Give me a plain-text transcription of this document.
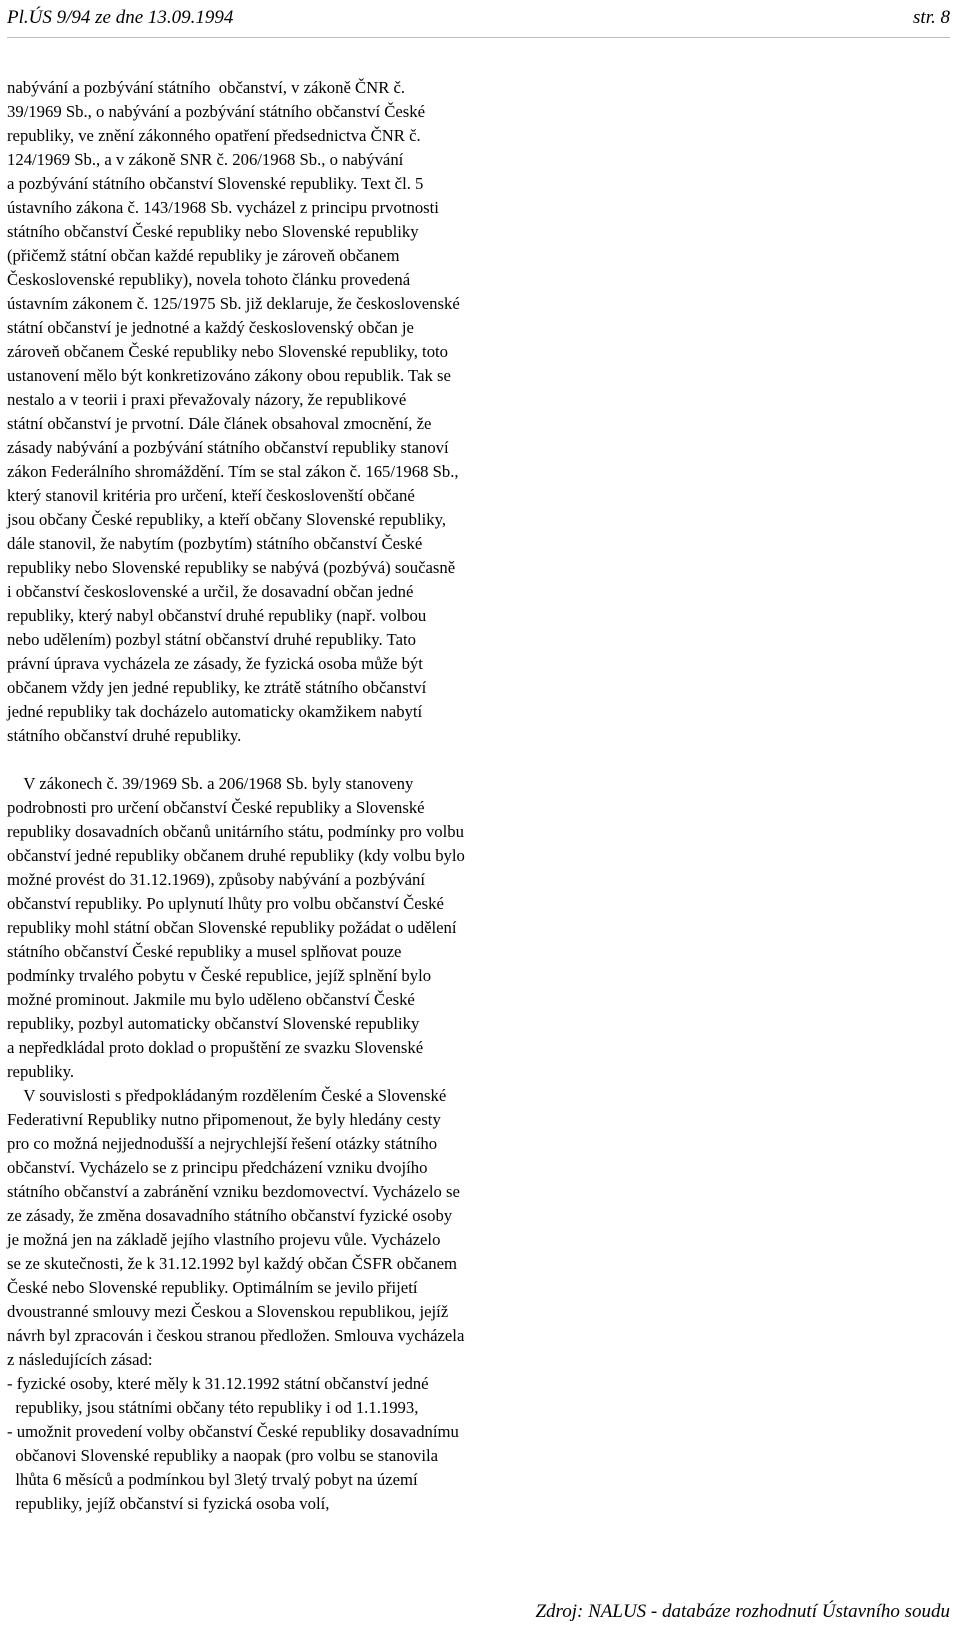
Pl.ÚS 9/94 ze dne 13.09.1994	str. 8
nabývání a pozbývání státního  občanství, v zákoně ČNR č.
39/1969 Sb., o nabývání a pozbývání státního občanství České
republiky, ve znění zákonného opatření předsednictva ČNR č.
124/1969 Sb., a v zákoně SNR č. 206/1968 Sb., o nabývání
a pozbývání státního občanství Slovenské republiky. Text čl. 5
ústavního zákona č. 143/1968 Sb. vycházel z principu prvotnosti
státního občanství České republiky nebo Slovenské republiky
(přičemž státní občan každé republiky je zároveň občanem
Československé republiky), novela tohoto článku provedená
ústavním zákonem č. 125/1975 Sb. již deklaruje, že československé
státní občanství je jednotné a každý československý občan je
zároveň občanem České republiky nebo Slovenské republiky, toto
ustanovení mělo být konkretizováno zákony obou republik. Tak se
nestalo a v teorii i praxi převažovaly názory, že republikové
státní občanství je prvotní. Dále článek obsahoval zmocnění, že
zásady nabývání a pozbývání státního občanství republiky stanoví
zákon Federálního shromáždění. Tím se stal zákon č. 165/1968 Sb.,
který stanovil kritéria pro určení, kteří českoslovenští občané
jsou občany České republiky, a kteří občany Slovenské republiky,
dále stanovil, že nabytím (pozbytím) státního občanství České
republiky nebo Slovenské republiky se nabývá (pozbývá) současně
i občanství československé a určil, že dosavadní občan jedné
republiky, který nabyl občanství druhé republiky (např. volbou
nebo udělením) pozbyl státní občanství druhé republiky. Tato
právní úprava vycházela ze zásady, že fyzická osoba může být
občanem vždy jen jedné republiky, ke ztrátě státního občanství
jedné republiky tak docházelo automaticky okamžikem nabytí
státního občanství druhé republiky.
V zákonech č. 39/1969 Sb. a 206/1968 Sb. byly stanoveny
podrobnosti pro určení občanství České republiky a Slovenské
republiky dosavadních občanů unitárního státu, podmínky pro volbu
občanství jedné republiky občanem druhé republiky (kdy volbu bylo
možné provést do 31.12.1969), způsoby nabývání a pozbývání
občanství republiky. Po uplynutí lhůty pro volbu občanství České
republiky mohl státní občan Slovenské republiky požádat o udělení
státního občanství České republiky a musel splňovat pouze
podmínky trvalého pobytu v České republice, jejíž splnění bylo
možné prominout. Jakmile mu bylo uděleno občanství České
republiky, pozbyl automaticky občanství Slovenské republiky
a nepředkládal proto doklad o propuštění ze svazku Slovenské
republiky.
V souvislosti s předpokládaným rozdělením České a Slovenské
Federativní Republiky nutno připomenout, že byly hledány cesty
pro co možná nejjednodušší a nejrychlejší řešení otázky státního
občanství. Vycházelo se z principu předcházení vzniku dvojího
státního občanství a zabránění vzniku bezdomovectví. Vycházelo se
ze zásady, že změna dosavadního státního občanství fyzické osoby
je možná jen na základě jejího vlastního projevu vůle. Vycházelo
se ze skutečnosti, že k 31.12.1992 byl každý občan ČSFR občanem
České nebo Slovenské republiky. Optimálním se jevilo přijetí
dvoustranné smlouvy mezi Českou a Slovenskou republikou, jejíž
návrh byl zpracován i českou stranou předložen. Smlouva vycházela
z následujících zásad:
- fyzické osoby, které měly k 31.12.1992 státní občanství jedné
republiky, jsou státními občany této republiky i od 1.1.1993,
- umožnit provedení volby občanství České republiky dosavadnímu
občanovi Slovenské republiky a naopak (pro volbu se stanovila
lhůta 6 měsíců a podmínkou byl 3letý trvalý pobyt na území
republiky, jejíž občanství si fyzická osoba volí,
Zdroj: NALUS - databáze rozhodnutí Ústavního soudu
